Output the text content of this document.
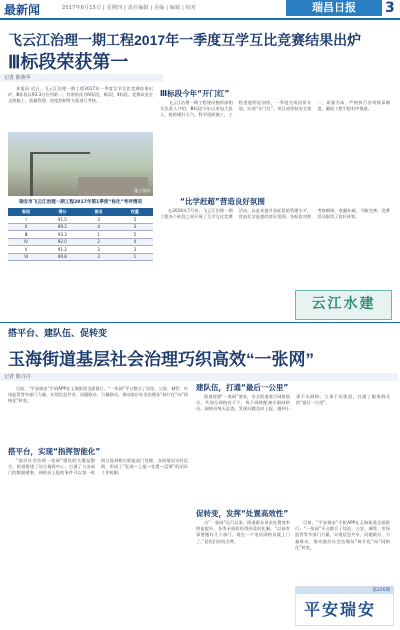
最新闻	2017年6月15日 | 星期四 | 责任编辑 | 美编 | 编辑 | 校对	瑞昌日报	3
飞云江治理一期工程2017年一季度互学互比竞赛结果出炉
Ⅲ标段荣获第一
记者 陈燕华

本报讯 近日，飞云江治理一期工程2017年一季度互学互比竞赛结果出炉，Ⅲ标段以93.3分位列第一。其余依次为Ⅳ标段、Ⅰ标段、Ⅱ标段。竞赛从安全文明施工、质量管理、进度控制等方面进行考核。

施工现场
瑞安市飞云江治理一期工程2017年第1季度“标化”考评情况
标段	得分	排名	权重
Ⅰ	91.5	3	5
Ⅱ	89.2	4	3
Ⅲ	93.3	1	5
Ⅳ	92.0	2	4
Ⅴ	91.2	3	3
Ⅵ	90.8	3	1
Ⅲ标段今年“开门红”

飞云江治理一期工程建设指挥部相关负责人介绍，Ⅲ标段今年以来加大投入，抢抓晴好天气，科学组织施工，工程进度明显加快，一季度完成投资计划，实现“开门红”。项目部坚持安全第一、质量为本，严格执行各项规章制度，确保工程平稳有序推进。

“比学赶超”营造良好氛围

在2016年7月份，飞云江治理一期工程各个标段之间开展了互学互比竞赛活动，以此来提升各标段的管理水平，营造比学赶超的良好氛围。各标段对照考核细则，查漏补缺，不断完善，竞赛活动取得了良好成效。

云江水建
搭平台、建队伍、促转变
玉海街道基层社会治理巧织高效“一张网”
记者 陈丹丹

目前，“平安瑞安”手机APP在玉海街道全面推行。“一张网”平台整合了综治、公安、城管、市场监管等多部门力量，实现信息共享、问题联办、力量联动，推动基层社会治理从“碎片化”向“网格化”转变。

搭平台，实现“指挥智能化”

“基层社会治理一张网”建设的关键是整合。街道搭建了综合指挥中心，打通了与各部门的数据壁垒，网格员上报的事件可以第一时间分流到相应职能部门处理，办结情况实时反馈，形成了“发现—上报—处置—反馈”的闭环工作机制。

建队伍，打通“最后一公里”

街道按照“一张网”要求，对全街道进行网格划分，共划分网格若干个，每个网格配备专职网格员。网格员每天巡查，发现问题及时上报，做到小事不出网格、大事不出街道，打通了服务群众的“最后一公里”。

促转变，发挥“处置高效性”

自“一张网”运行以来，街道群众诉求处置效率明显提升，各类矛盾纠纷得到及时化解。“以前有事要跑好几个部门，现在一个电话网格员就上门了。”居民们纷纷点赞。

目前，“平安瑞安”手机APP在玉海街道全面推行。“一张网”平台整合了综治、公安、城管、市场监管等多部门力量，实现信息共享、问题联办、力量联动，推动基层社会治理从“碎片化”向“网格化”转变。

第226期
平安瑞安
